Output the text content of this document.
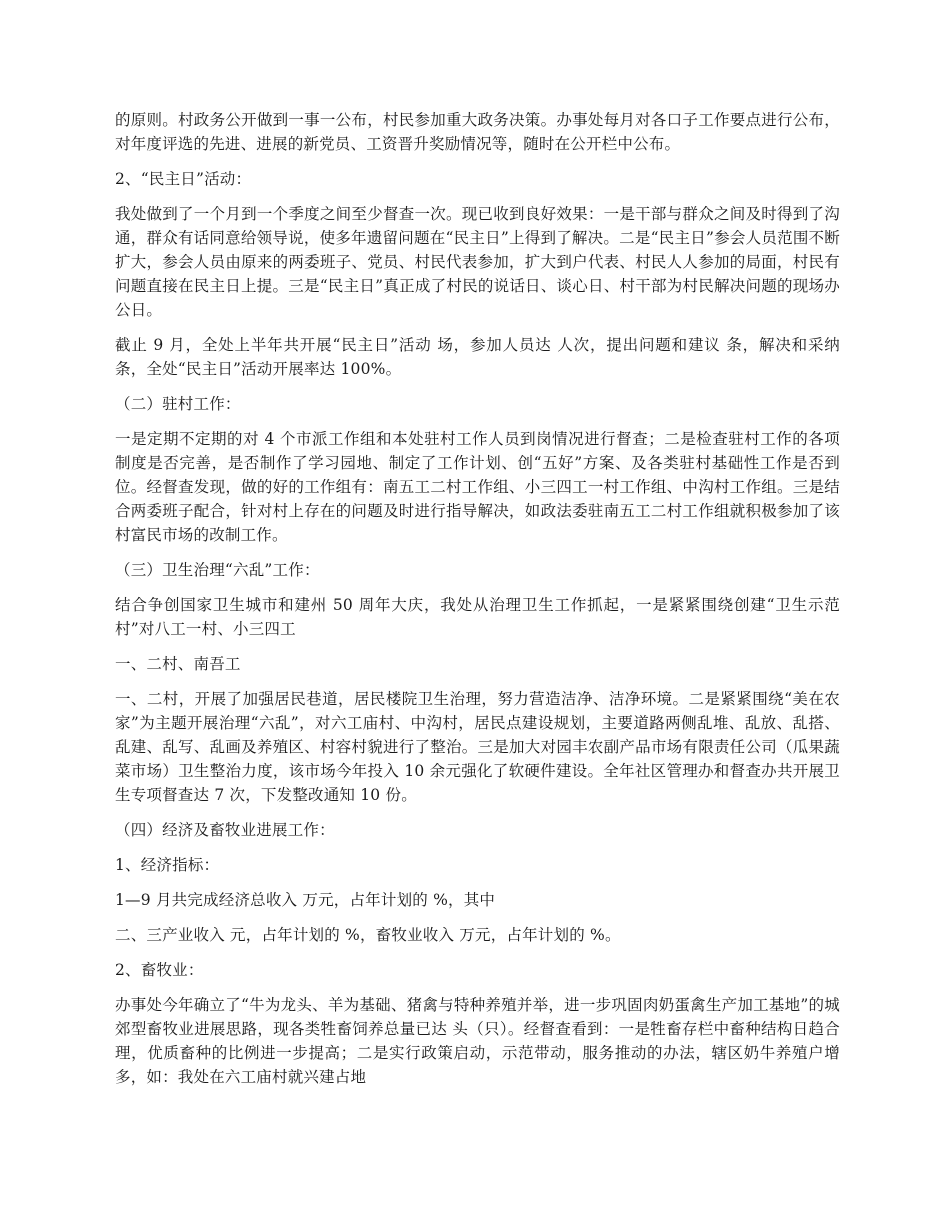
的原则。村政务公开做到一事一公布，村民参加重大政务决策。办事处每月对各口子工作要点进行公布，对年度评选的先进、进展的新党员、工资晋升奖励情况等，随时在公开栏中公布。

2、“民主日”活动：

我处做到了一个月到一个季度之间至少督查一次。现已收到良好效果：一是干部与群众之间及时得到了沟通，群众有话同意给领导说，使多年遗留问题在“民主日”上得到了解决。二是“民主日”参会人员范围不断扩大，参会人员由原来的两委班子、党员、村民代表参加，扩大到户代表、村民人人参加的局面，村民有问题直接在民主日上提。三是“民主日”真正成了村民的说话日、谈心日、村干部为村民解决问题的现场办公日。

截止 9 月，全处上半年共开展“民主日”活动 场，参加人员达 人次，提出问题和建议 条，解决和采纳 条，全处“民主日”活动开展率达 100%。

（二）驻村工作：

一是定期不定期的对 4 个市派工作组和本处驻村工作人员到岗情况进行督查；二是检查驻村工作的各项制度是否完善，是否制作了学习园地、制定了工作计划、创“五好”方案、及各类驻村基础性工作是否到位。经督查发现，做的好的工作组有：南五工二村工作组、小三四工一村工作组、中沟村工作组。三是结合两委班子配合，针对村上存在的问题及时进行指导解决，如政法委驻南五工二村工作组就积极参加了该村富民市场的改制工作。

（三）卫生治理“六乱”工作：

结合争创国家卫生城市和建州 50 周年大庆，我处从治理卫生工作抓起，一是紧紧围绕创建“卫生示范村”对八工一村、小三四工

一、二村、南吾工

一、二村，开展了加强居民巷道，居民楼院卫生治理，努力营造洁净、洁净环境。二是紧紧围绕“美在农家”为主题开展治理“六乱”，对六工庙村、中沟村，居民点建设规划，主要道路两侧乱堆、乱放、乱搭、乱建、乱写、乱画及养殖区、村容村貌进行了整治。三是加大对园丰农副产品市场有限责任公司（瓜果蔬菜市场）卫生整治力度，该市场今年投入 10 余元强化了软硬件建设。全年社区管理办和督查办共开展卫生专项督查达 7 次，下发整改通知 10 份。

（四）经济及畜牧业进展工作：

1、经济指标：

1—9 月共完成经济总收入 万元，占年计划的 %，其中

二、三产业收入 元，占年计划的 %，畜牧业收入 万元，占年计划的 %。

2、畜牧业：

办事处今年确立了“牛为龙头、羊为基础、猪禽与特种养殖并举，进一步巩固肉奶蛋禽生产加工基地”的城郊型畜牧业进展思路，现各类牲畜饲养总量已达 头（只）。经督查看到：一是牲畜存栏中畜种结构日趋合理，优质畜种的比例进一步提高；二是实行政策启动，示范带动，服务推动的办法，辖区奶牛养殖户增多，如：我处在六工庙村就兴建占地
